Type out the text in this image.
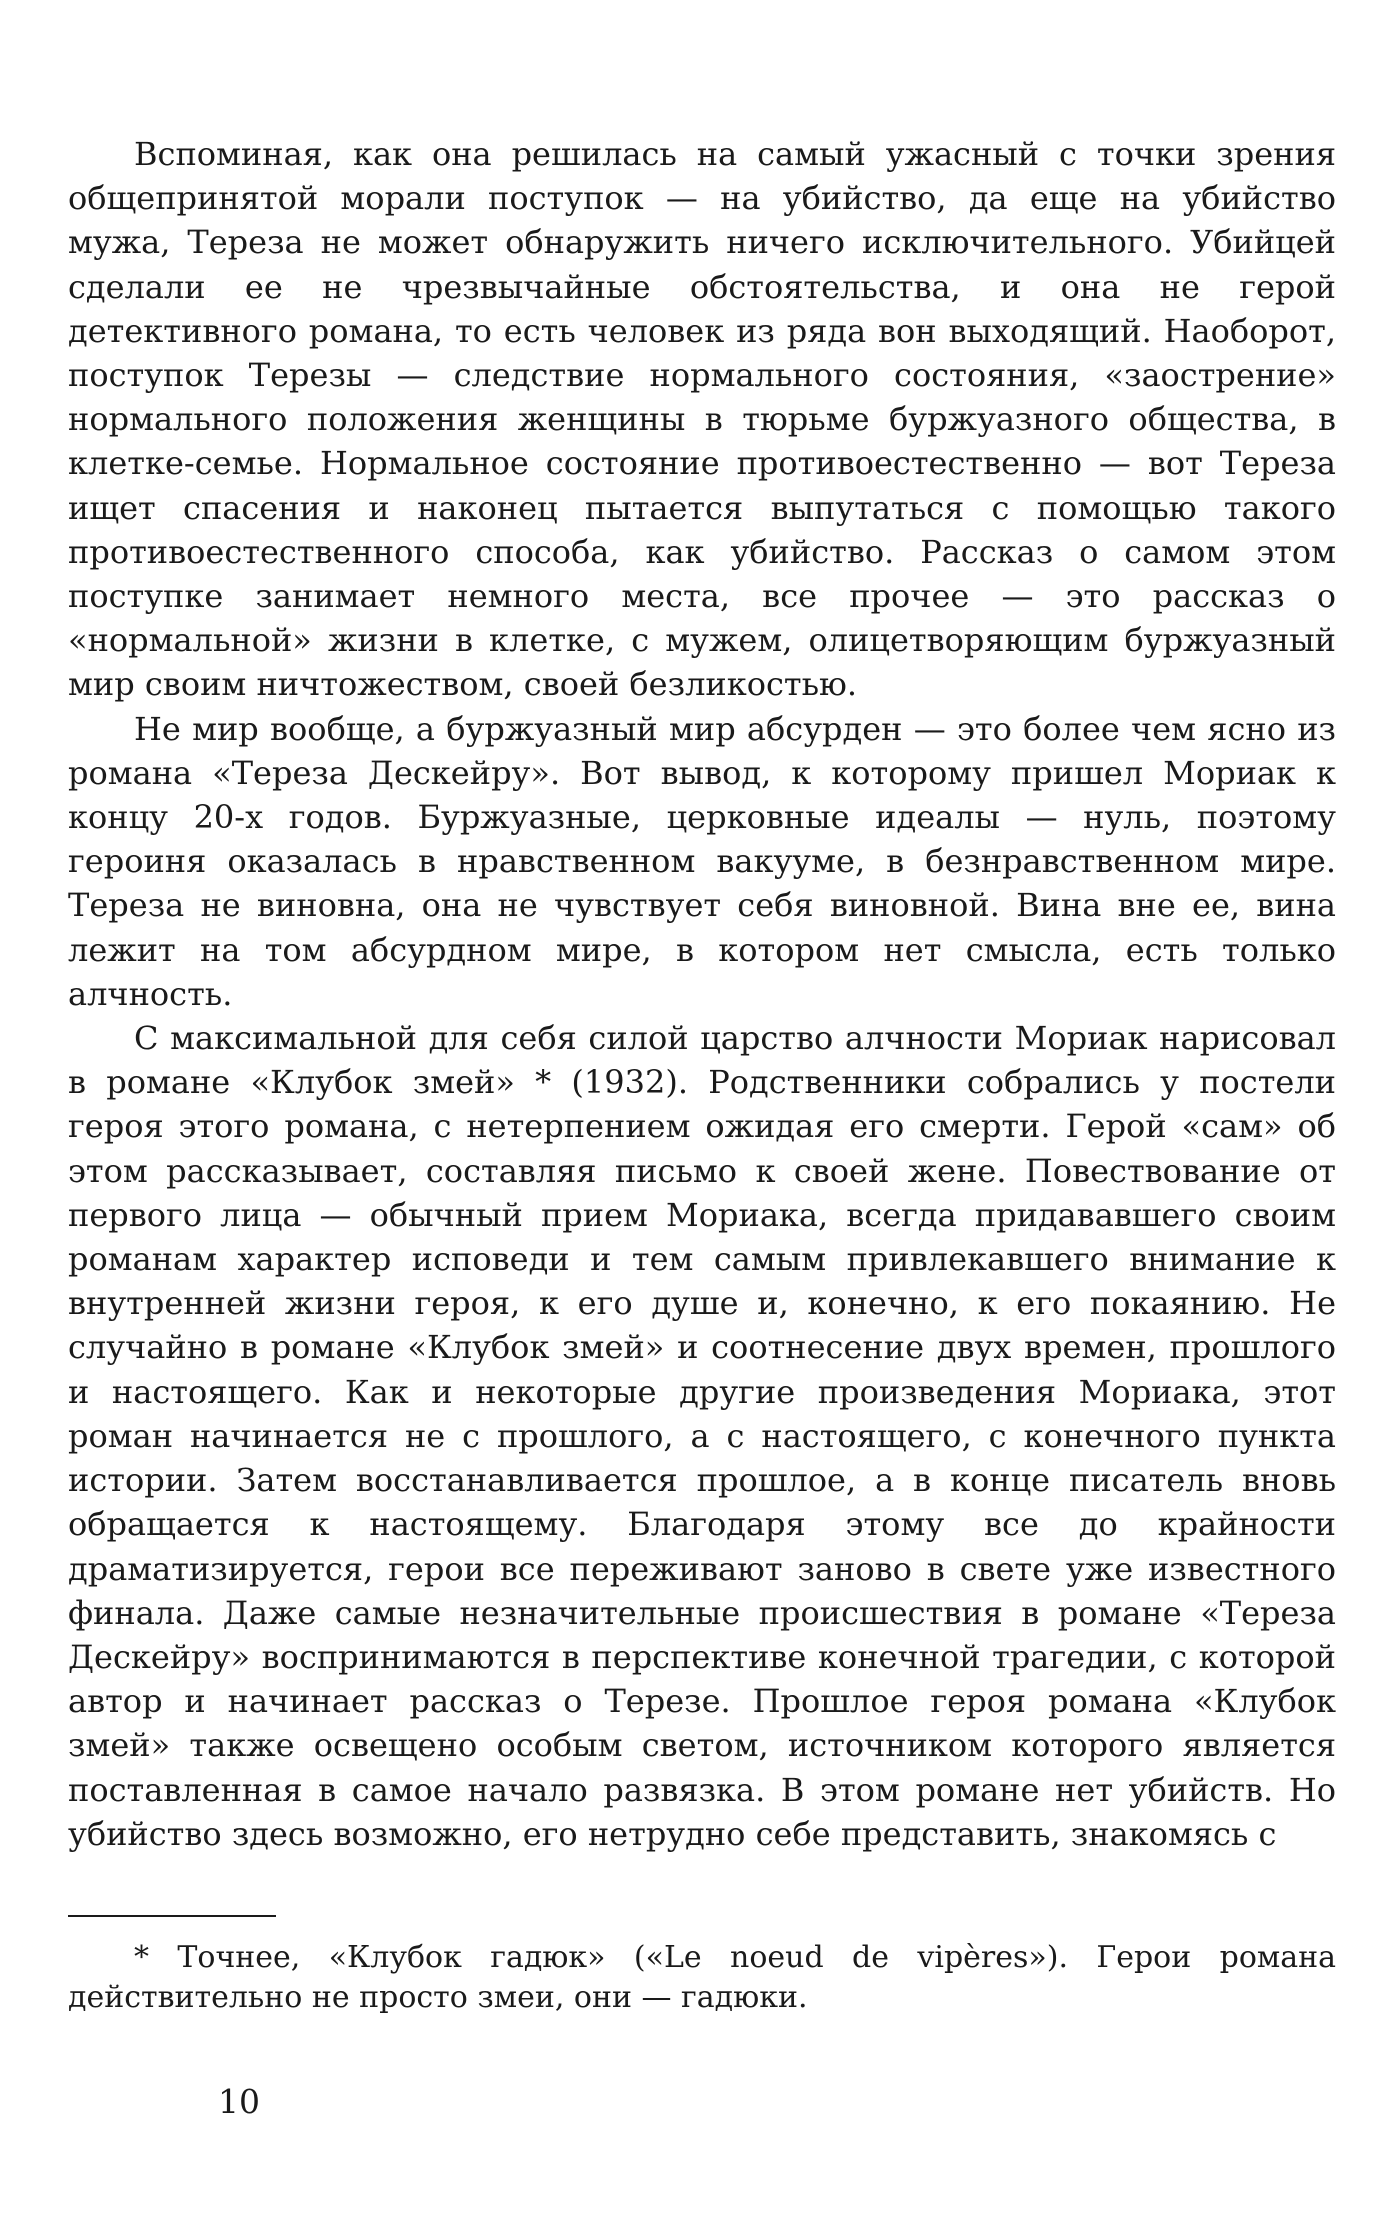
Вспоминая, как она решилась на самый ужасный с точки зрения общепринятой морали поступок — на убийство, да еще на убийство мужа, Тереза не может обнаружить ничего исключительного. Убийцей сделали ее не чрезвычайные обстоятельства, и она не герой детективного романа, то есть человек из ряда вон выходящий. Наоборот, поступок Терезы — следствие нормального состояния, «заострение» нормального положения женщины в тюрьме буржуазного общества, в клетке-семье. Нормальное состояние противоестественно — вот Тереза ищет спасения и наконец пытается выпутаться с помощью такого противоестественного способа, как убийство. Рассказ о самом этом поступке занимает немного места, все прочее — это рассказ о «нормальной» жизни в клетке, с мужем, олицетворяющим буржуазный мир своим ничтожеством, своей безликостью.

Не мир вообще, а буржуазный мир абсурден — это более чем ясно из романа «Тереза Дескейру». Вот вывод, к которому пришел Мориак к концу 20-х годов. Буржуазные, церковные идеалы — нуль, поэтому героиня оказалась в нравственном вакууме, в безнравственном мире. Тереза не виновна, она не чувствует себя виновной. Вина вне ее, вина лежит на том абсурдном мире, в котором нет смысла, есть только алчность.

С максимальной для себя силой царство алчности Мориак нарисовал в романе «Клубок змей» * (1932). Родственники собрались у постели героя этого романа, с нетерпением ожидая его смерти. Герой «сам» об этом рассказывает, составляя письмо к своей жене. Повествование от первого лица — обычный прием Мориака, всегда придававшего своим романам характер исповеди и тем самым привлекавшего внимание к внутренней жизни героя, к его душе и, конечно, к его покаянию. Не случайно в романе «Клубок змей» и соотнесение двух времен, прошлого и настоящего. Как и некоторые другие произведения Мориака, этот роман начинается не с прошлого, а с настоящего, с конечного пункта истории. Затем восстанавливается прошлое, а в конце писатель вновь обращается к настоящему. Благодаря этому все до крайности драматизируется, герои все переживают заново в свете уже известного финала. Даже самые незначительные происшествия в романе «Тереза Дескейру» воспринимаются в перспективе конечной трагедии, с которой автор и начинает рассказ о Терезе. Прошлое героя романа «Клубок змей» также освещено особым светом, источником которого является поставленная в самое начало развязка. В этом романе нет убийств. Но убийство здесь возможно, его нетрудно себе представить, знакомясь с

* Точнее, «Клубок гадюк» («Le noeud de vipères»). Герои романа действительно не просто змеи, они — гадюки.

10
